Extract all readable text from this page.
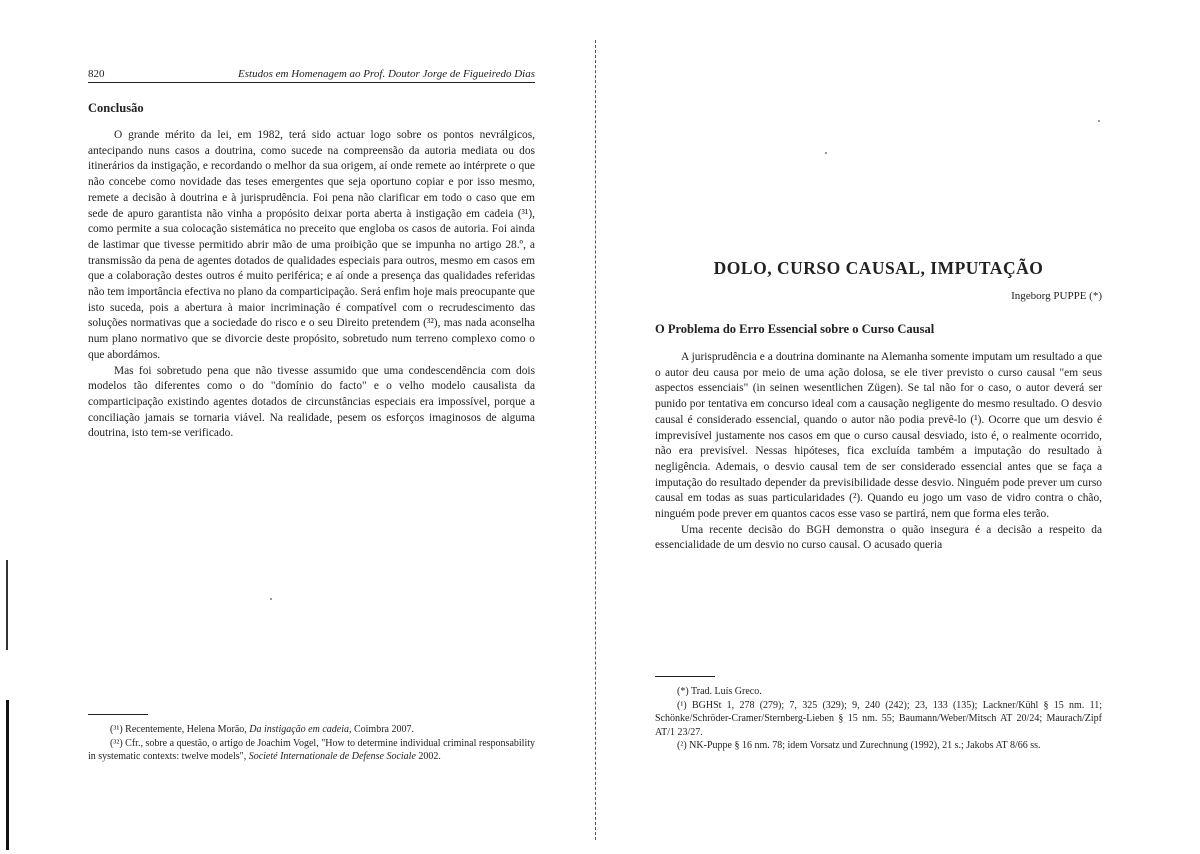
820	Estudos em Homenagem ao Prof. Doutor Jorge de Figueiredo Dias
Conclusão

O grande mérito da lei, em 1982, terá sido actuar logo sobre os pontos nevrálgicos, antecipando nuns casos a doutrina, como sucede na compreensão da autoria mediata ou dos itinerários da instigação, e recordando o melhor da sua origem, aí onde remete ao intérprete o que não concebe como novidade das teses emergentes que seja oportuno copiar e por isso mesmo, remete a decisão à doutrina e à jurisprudência. Foi pena não clarificar em todo o caso que em sede de apuro garantista não vinha a propósito deixar porta aberta à instigação em cadeia (³¹), como permite a sua colocação sistemática no preceito que engloba os casos de autoria. Foi ainda de lastimar que tivesse permitido abrir mão de uma proibição que se impunha no artigo 28.º, a transmissão da pena de agentes dotados de qualidades especiais para outros, mesmo em casos em que a colaboração destes outros é muito periférica; e aí onde a presença das qualidades referidas não tem importância efectiva no plano da comparticipação. Será enfim hoje mais preocupante que isto suceda, pois a abertura à maior incriminação é compatível com o recrudescimento das soluções normativas que a sociedade do risco e o seu Direito pretendem (³²), mas nada aconselha num plano normativo que se divorcie deste propósito, sobretudo num terreno complexo como o que abordámos.

Mas foi sobretudo pena que não tivesse assumido que uma condescendência com dois modelos tão diferentes como o do "domínio do facto" e o velho modelo causalista da comparticipação existindo agentes dotados de circunstâncias especiais era impossível, porque a conciliação jamais se tornaria viável. Na realidade, pesem os esforços imaginosos de alguma doutrina, isto tem-se verificado.

(³¹) Recentemente, Helena Morão, Da instigação em cadeia, Coimbra 2007.

(³²) Cfr., sobre a questão, o artigo de Joachim Vogel, "How to determine individual criminal responsability in systematic contexts: twelve models", Societé Internationale de Defense Sociale 2002.

DOLO, CURSO CAUSAL, IMPUTAÇÃO
Ingeborg PUPPE (*)
O Problema do Erro Essencial sobre o Curso Causal

A jurisprudência e a doutrina dominante na Alemanha somente imputam um resultado a que o autor deu causa por meio de uma ação dolosa, se ele tiver previsto o curso causal "em seus aspectos essenciais" (in seinen wesentlichen Zügen). Se tal não for o caso, o autor deverá ser punido por tentativa em concurso ideal com a causação negligente do mesmo resultado. O desvio causal é considerado essencial, quando o autor não podia prevê-lo (¹). Ocorre que um desvio é imprevisível justamente nos casos em que o curso causal desviado, isto é, o realmente ocorrido, não era previsível. Nessas hipóteses, fica excluída também a imputação do resultado à negligência. Ademais, o desvio causal tem de ser considerado essencial antes que se faça a imputação do resultado depender da previsibilidade desse desvio. Ninguém pode prever um curso causal em todas as suas particularidades (²). Quando eu jogo um vaso de vidro contra o chão, ninguém pode prever em quantos cacos esse vaso se partirá, nem que forma eles terão.

Uma recente decisão do BGH demonstra o quão insegura é a decisão a respeito da essencialidade de um desvio no curso causal. O acusado queria

(*) Trad. Luís Greco.

(¹) BGHSt 1, 278 (279); 7, 325 (329); 9, 240 (242); 23, 133 (135); Lackner/Kühl § 15 nm. 11; Schönke/Schröder-Cramer/Sternberg-Lieben § 15 nm. 55; Baumann/Weber/Mitsch AT 20/24; Maurach/Zipf AT/1 23/27.

(²) NK-Puppe § 16 nm. 78; idem Vorsatz und Zurechnung (1992), 21 s.; Jakobs AT 8/66 ss.
